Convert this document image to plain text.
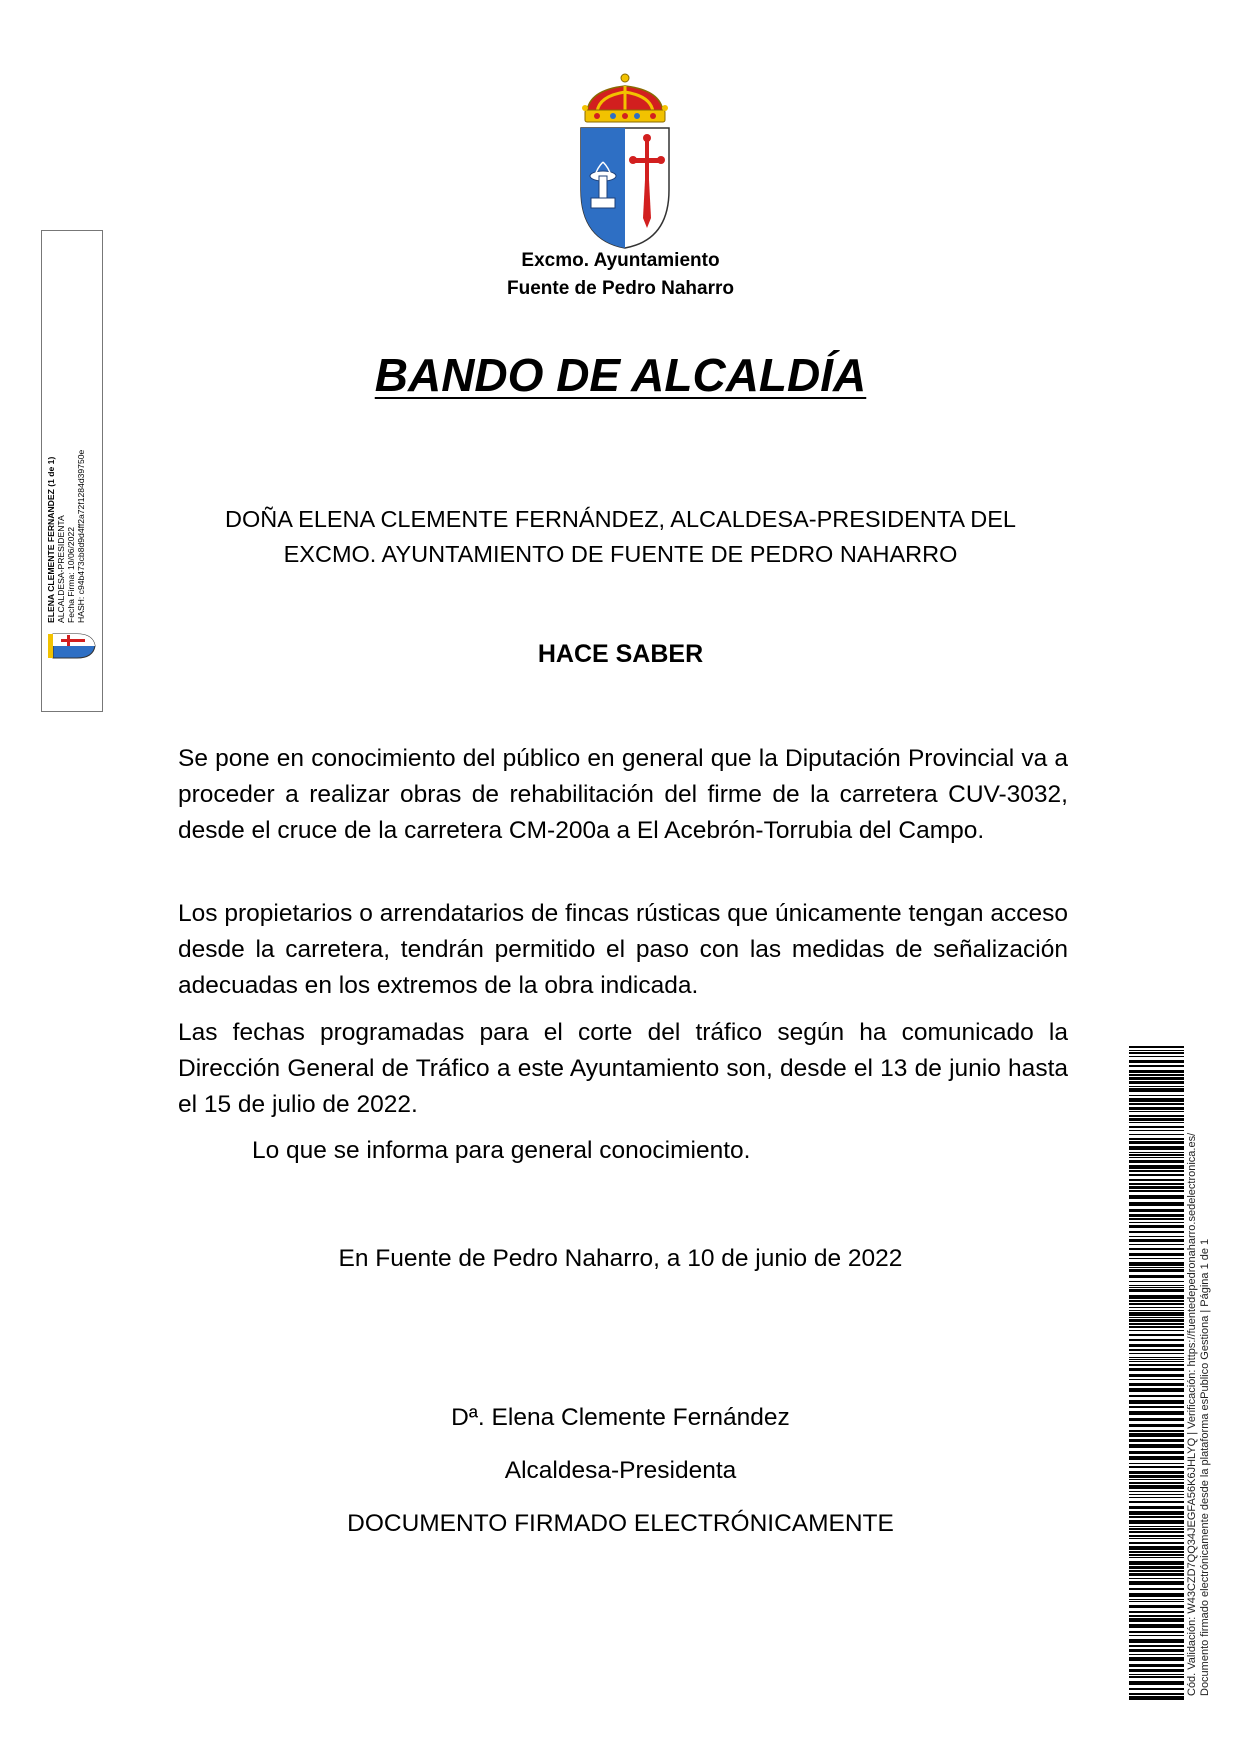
Excmo. Ayuntamiento
Fuente de Pedro Naharro
BANDO DE ALCALDÍA
DOÑA ELENA CLEMENTE FERNÁNDEZ, ALCALDESA-PRESIDENTA DEL
EXCMO. AYUNTAMIENTO DE FUENTE DE PEDRO NAHARRO
HACE SABER
Se pone en conocimiento del público en general que la Diputación Provincial va a proceder a realizar obras de rehabilitación del firme de la carretera CUV-3032, desde el cruce de la carretera CM-200a a El Acebrón-Torrubia del Campo.
Los propietarios o arrendatarios de fincas rústicas que únicamente tengan acceso desde la carretera, tendrán permitido el paso con las medidas de señalización adecuadas en los extremos de la obra indicada.
Las fechas programadas para el corte del tráfico según ha comunicado la Dirección General de Tráfico a este Ayuntamiento son, desde el 13 de junio hasta el 15 de julio de 2022.
Lo que se informa para general conocimiento.
En Fuente de Pedro Naharro, a 10 de junio de 2022
Dª. Elena Clemente Fernández
Alcaldesa-Presidenta
DOCUMENTO FIRMADO ELECTRÓNICAMENTE
ELENA CLEMENTE FERNANDEZ (1 de 1) ALCALDESA-PRESIDENTA Fecha Firma: 10/06/2022 HASH: c94b473cb8d9d4ff2a72f1284d39750e
Cód. Validación: W43CZD7QQ34JEGFA56K6JHLYQ | Verificación: https://fuentedepedronaharro.sedelectronica.es/ Documento firmado electrónicamente desde la plataforma esPublico Gestiona | Página 1 de 1
